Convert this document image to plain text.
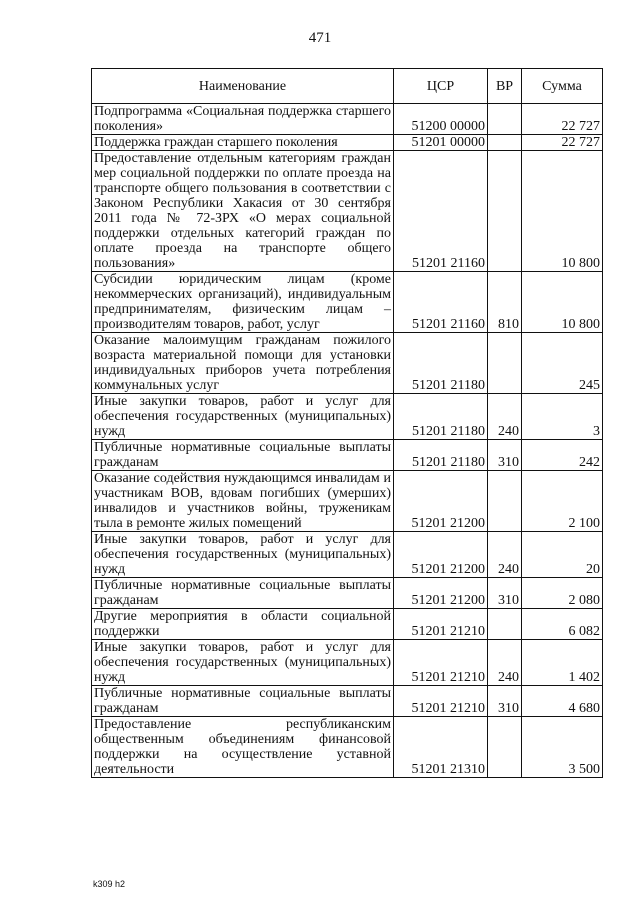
471
Наименование	ЦСР	ВР	Сумма
Подпрограмма «Социальная поддержка старшего поколения»	51200 00000		22 727
Поддержка граждан старшего поколения	51201 00000		22 727
Предоставление отдельным категориям граждан мер социальной поддержки по оплате проезда на транспорте общего пользования в соответствии с Законом Республики Хакасия от 30 сентября 2011 года № 72-ЗРХ «О мерах социальной поддержки отдельных категорий граждан по оплате проезда на транспорте общего пользования»	51201 21160		10 800
Субсидии юридическим лицам (кроме некоммерческих организаций), индивидуальным предпринимателям, физическим лицам – производителям товаров, работ, услуг	51201 21160	810	10 800
Оказание малоимущим гражданам пожилого возраста материальной помощи для установки индивидуальных приборов учета потребления коммунальных услуг	51201 21180		245
Иные закупки товаров, работ и услуг для обеспечения государственных (муниципальных) нужд	51201 21180	240	3
Публичные нормативные социальные выплаты гражданам	51201 21180	310	242
Оказание содействия нуждающимся инвалидам и участникам ВОВ, вдовам погибших (умерших) инвалидов и участников войны, труженикам тыла в ремонте жилых помещений	51201 21200		2 100
Иные закупки товаров, работ и услуг для обеспечения государственных (муниципальных) нужд	51201 21200	240	20
Публичные нормативные социальные выплаты гражданам	51201 21200	310	2 080
Другие мероприятия в области социальной поддержки	51201 21210		6 082
Иные закупки товаров, работ и услуг для обеспечения государственных (муниципальных) нужд	51201 21210	240	1 402
Публичные нормативные социальные выплаты гражданам	51201 21210	310	4 680
Предоставление республиканским общественным объединениям финансовой поддержки на осуществление уставной деятельности	51201 21310		3 500
k309 h2
